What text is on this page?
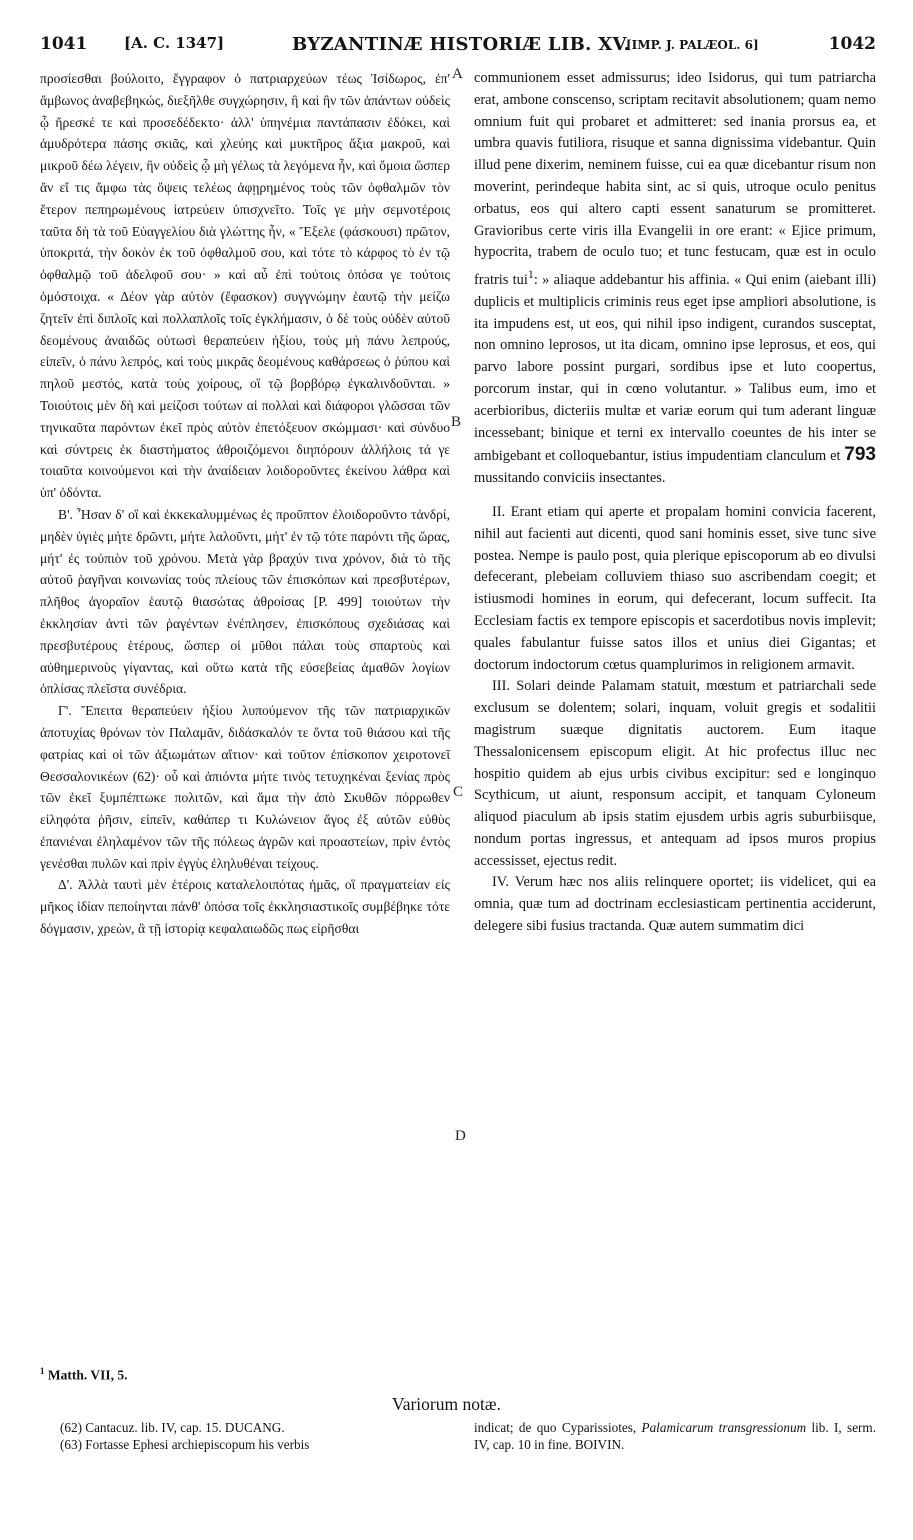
1041 [A. C. 1347]	BYZANTINÆ HISTORIÆ LIB. XV.
[IMP. J. PALÆOL. 6]	1042
A
B
C
D

προσίεσθαι βούλοιτο, ἔγγραφον ὁ πατριαρχεύων τέως Ἰσίδωρος, ἐπ' ἄμβωνος ἀναβεβηκώς, διεξῆλθε συγχώρησιν, ἣ καὶ ἣν τῶν ἁπάντων οὐδεὶς ᾧ ἤρεσκέ τε καὶ προσεδέδεκτο· ἀλλ' ὑπηνέμια παντάπασιν ἐδόκει, καὶ ἀμυδρότερα πάσης σκιᾶς, καὶ χλεύης καὶ μυκτῆρος ἄξια μακροῦ, καὶ μικροῦ δέω λέγειν, ἣν οὐδεὶς ᾧ μὴ γέλως τὰ λεγόμενα ἦν, καὶ ὅμοια ὥσπερ ἄν εἴ τις ἄμφω τὰς ὄψεις τελέως ἀφῃρημένος τοὺς τῶν ὀφθαλμῶν τὸν ἕτερον πεπηρωμένους ἰατρεύειν ὑπισχνεῖτο. Τοῖς γε μὴν σεμνοτέροις ταῦτα δὴ τὰ τοῦ Εὐαγγελίου διὰ γλώττης ἦν, « Ἔξελε (φάσκουσι) πρῶτον, ὑποκριτά, τὴν δοκὸν ἐκ τοῦ ὀφθαλμοῦ σου, καὶ τότε τὸ κάρφος τὸ ἐν τῷ ὀφθαλμῷ τοῦ ἀδελφοῦ σου· » καὶ αὖ ἐπὶ τούτοις ὁπόσα γε τούτοις ὁμόστοιχα. « Δέον γὰρ αὐτὸν (ἔφασκον) συγγνώμην ἑαυτῷ τὴν μείζω ζητεῖν ἐπὶ διπλοῖς καὶ πολλαπλοῖς τοῖς ἐγκλήμασιν, ὁ δὲ τοὺς οὐδὲν αὐτοῦ δεομένους ἀναιδῶς οὑτωσὶ θεραπεύειν ἠξίου, τοὺς μὴ πάνυ λεπρούς, εἰπεῖν, ὁ πάνυ λεπρός, καὶ τοὺς μικρᾶς δεομένους καθάρσεως ὁ ῥύπου καὶ πηλοῦ μεστός, κατὰ τοὺς χοίρους, οἳ τῷ βορβόρῳ ἐγκαλινδοῦνται. » Τοιούτοις μὲν δὴ καὶ μείζοσι τούτων αἱ πολλαὶ καὶ διάφοροι γλῶσσαι τῶν τηνικαῦτα παρόντων ἐκεῖ πρὸς αὐτὸν ἐπετόξευον σκώμμασι· καὶ σύνδυο καὶ σύντρεις ἐκ διαστήματος ἀθροιζόμενοι διηπόρουν ἀλλήλοις τά γε τοιαῦτα κοινούμενοι καὶ τὴν ἀναίδειαν λοιδοροῦντες ἐκείνου λάθρα καὶ ὑπ' ὀδόντα.

Β'. Ἦσαν δ' οἳ καὶ ἐκκεκαλυμμένως ἐς προῦπτον ἐλοιδοροῦντο τἀνδρί, μηδὲν ὑγιὲς μήτε δρῶντι, μήτε λαλοῦντι, μήτ' ἐν τῷ τότε παρόντι τῆς ὥρας, μήτ' ἐς τοὐπιὸν τοῦ χρόνου. Μετὰ γὰρ βραχύν τινα χρόνον, διὰ τὸ τῆς αὐτοῦ ῥαγῆναι κοινωνίας τοὺς πλείους τῶν ἐπισκόπων καὶ πρεσβυτέρων, πλῆθος ἀγοραῖον ἑαυτῷ θιασώτας ἀθροίσας [P. 499] τοιούτων τὴν ἐκκλησίαν ἀντὶ τῶν ῥαγέντων ἐνέπλησεν, ἐπισκόπους σχεδιάσας καὶ πρεσβυτέρους ἑτέρους, ὥσπερ οἱ μῦθοι πάλαι τοὺς σπαρτοὺς καὶ αὐθημερινοὺς γίγαντας, καὶ οὕτω κατὰ τῆς εὐσεβείας ἀμαθῶν λογίων ὁπλίσας πλεῖστα συνέδρια.

Γ'. Ἔπειτα θεραπεύειν ἠξίου λυπούμενον τῆς τῶν πατριαρχικῶν ἀποτυχίας θρόνων τὸν Παλαμᾶν, διδάσκαλόν τε ὄντα τοῦ θιάσου καὶ τῆς φατρίας καὶ οἱ τῶν ἀξιωμάτων αἴτιον· καὶ τοῦτον ἐπίσκοπον χειροτονεῖ Θεσσαλονικέων (62)· οὗ καὶ ἀπιόντα μήτε τινὸς τετυχηκέναι ξενίας πρὸς τῶν ἐκεῖ ξυμπέπτωκε πολιτῶν, καὶ ἅμα τὴν ἀπὸ Σκυθῶν πόρρωθεν εἰληφότα ῥῆσιν, εἰπεῖν, καθάπερ τι Κυλώνειον ἄγος ἐξ αὐτῶν εὐθὺς ἐπανιέναι ἐληλαμένον τῶν τῆς πόλεως ἀγρῶν καὶ προαστείων, πρὶν ἐντὸς γενέσθαι πυλῶν καὶ πρὶν ἐγγὺς ἐληλυθέναι τείχους.

Δ'. Ἀλλὰ ταυτὶ μὲν ἑτέροις καταλελοιπότας ἡμᾶς, οἳ πραγματείαν εἰς μῆκος ἰδίαν πεποίηνται πάνθ' ὁπόσα τοῖς ἐκκλησιαστικοῖς συμβέβηκε τότε δόγμασιν, χρεὼν, ἃ τῇ ἱστορίᾳ κεφαλαιωδῶς πως εἰρῆσθαι

communionem esset admissurus; ideo Isidorus, qui tum patriarcha erat, ambone conscenso, scriptam recitavit absolutionem; quam nemo omnium fuit qui probaret et admitteret: sed inania prorsus ea, et umbra quavis futiliora, risuque et sanna dignissima videbantur. Quin illud pene dixerim, neminem fuisse, cui ea quæ dicebantur risum non moverint, perindeque habita sint, ac si quis, utroque oculo penitus orbatus, eos qui altero capti essent sanaturum se promitteret. Gravioribus certe viris illa Evangelii in ore erant: « Ejice primum, hypocrita, trabem de oculo tuo; et tunc festucam, quæ est in oculo fratris tui$^1$: » aliaque addebantur his affinia. « Qui enim (aiebant illi) duplicis et multiplicis criminis reus eget ipse ampliori absolutione, is ita impudens est, ut eos, qui nihil ipso indigent, curandos susceptat, non omnino leprosos, ut ita dicam, omnino ipse leprosus, et eos, qui parvo labore possint purgari, sordibus ipse et luto coopertus, porcorum instar, qui in cœno volutantur. » Talibus eum, imo et acerbioribus, dicteriis multæ et variæ eorum qui tum aderant linguæ incessebant; binique et terni ex intervallo coeuntes de his inter se ambigebant et colloquebantur, istius impudentiam clanculum et 793 mussitando conviciis insectantes.

II. Erant etiam qui aperte et propalam homini convicia facerent, nihil aut facienti aut dicenti, quod sani hominis esset, sive tunc sive postea. Nempe is paulo post, quia plerique episcoporum ab eo divulsi defecerant, plebeiam colluviem thiaso suo ascribendam coegit; et istiusmodi homines in eorum, qui defecerant, locum suffecit. Ita Ecclesiam factis ex tempore episcopis et sacerdotibus novis implevit; quales fabulantur fuisse satos illos et unius diei Gigantas; et doctorum indoctorum cœtus quamplurimos in religionem armavit.

III. Solari deinde Palamam statuit, mœstum et patriarchali sede exclusum se dolentem; solari, inquam, voluit gregis et sodalitii magistrum suæque dignitatis auctorem. Eum itaque Thessalonicensem episcopum eligit. At hic profectus illuc nec hospitio quidem ab ejus urbis civibus excipitur: sed e longinquo Scythicum, ut aiunt, responsum accipit, et tanquam Cyloneum aliquod piaculum ab ipsis statim ejusdem urbis agris suburbiisque, nondum portas ingressus, et antequam ad ipsos muros propius accessisset, ejectus redit.

IV. Verum hæc nos aliis relinquere oportet; iis videlicet, qui ea omnia, quæ tum ad doctrinam ecclesiasticam pertinentia acciderunt, delegere sibi fusius tractanda. Quæ autem summatim dici

$^1$ Matth. VII, 5.
Variorum notæ.
(62) Cantacuz. lib. IV, cap. 15. DUCANG.
(63) Fortasse Ephesi archiepiscopum his verbis
indicat; de quo Cyparissiotes, Palamicarum transgressionum lib. I, serm. IV, cap. 10 in fine. BOIVIN.
